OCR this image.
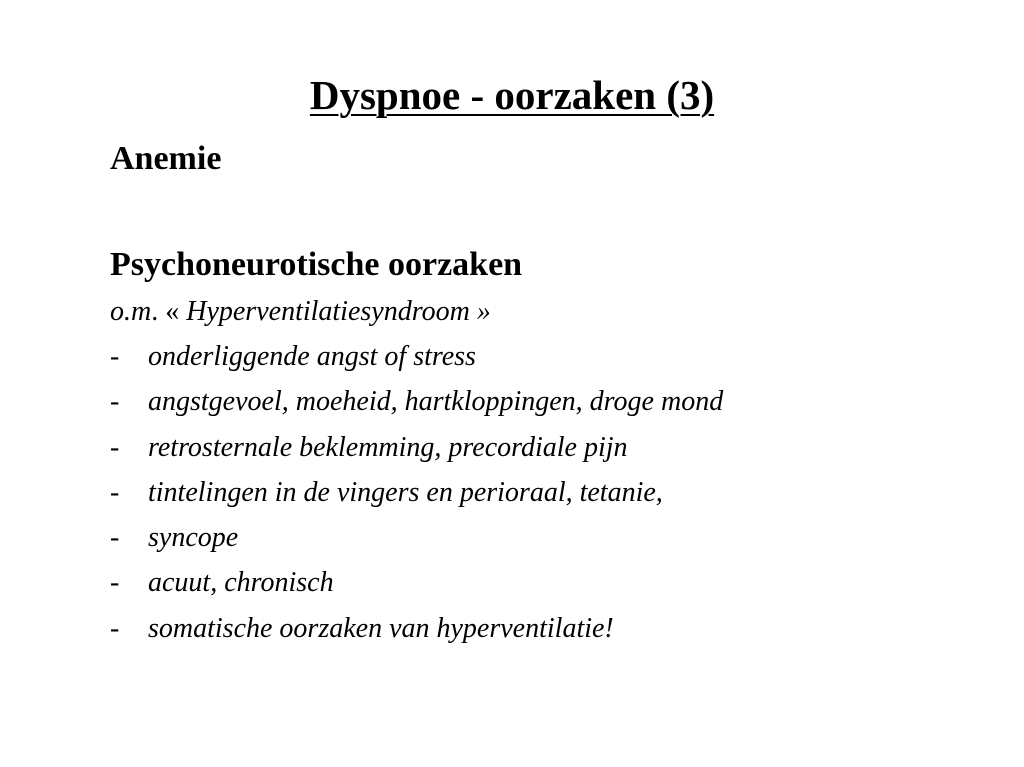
Dyspnoe - oorzaken (3)
Anemie
Psychoneurotische oorzaken

o.m. « Hyperventilatiesyndroom »

- onderliggende angst of stress
- angstgevoel, moeheid, hartkloppingen, droge mond
- retrosternale beklemming, precordiale pijn
- tintelingen in de vingers en perioraal, tetanie,
- syncope
- acuut, chronisch
- somatische oorzaken van hyperventilatie!
